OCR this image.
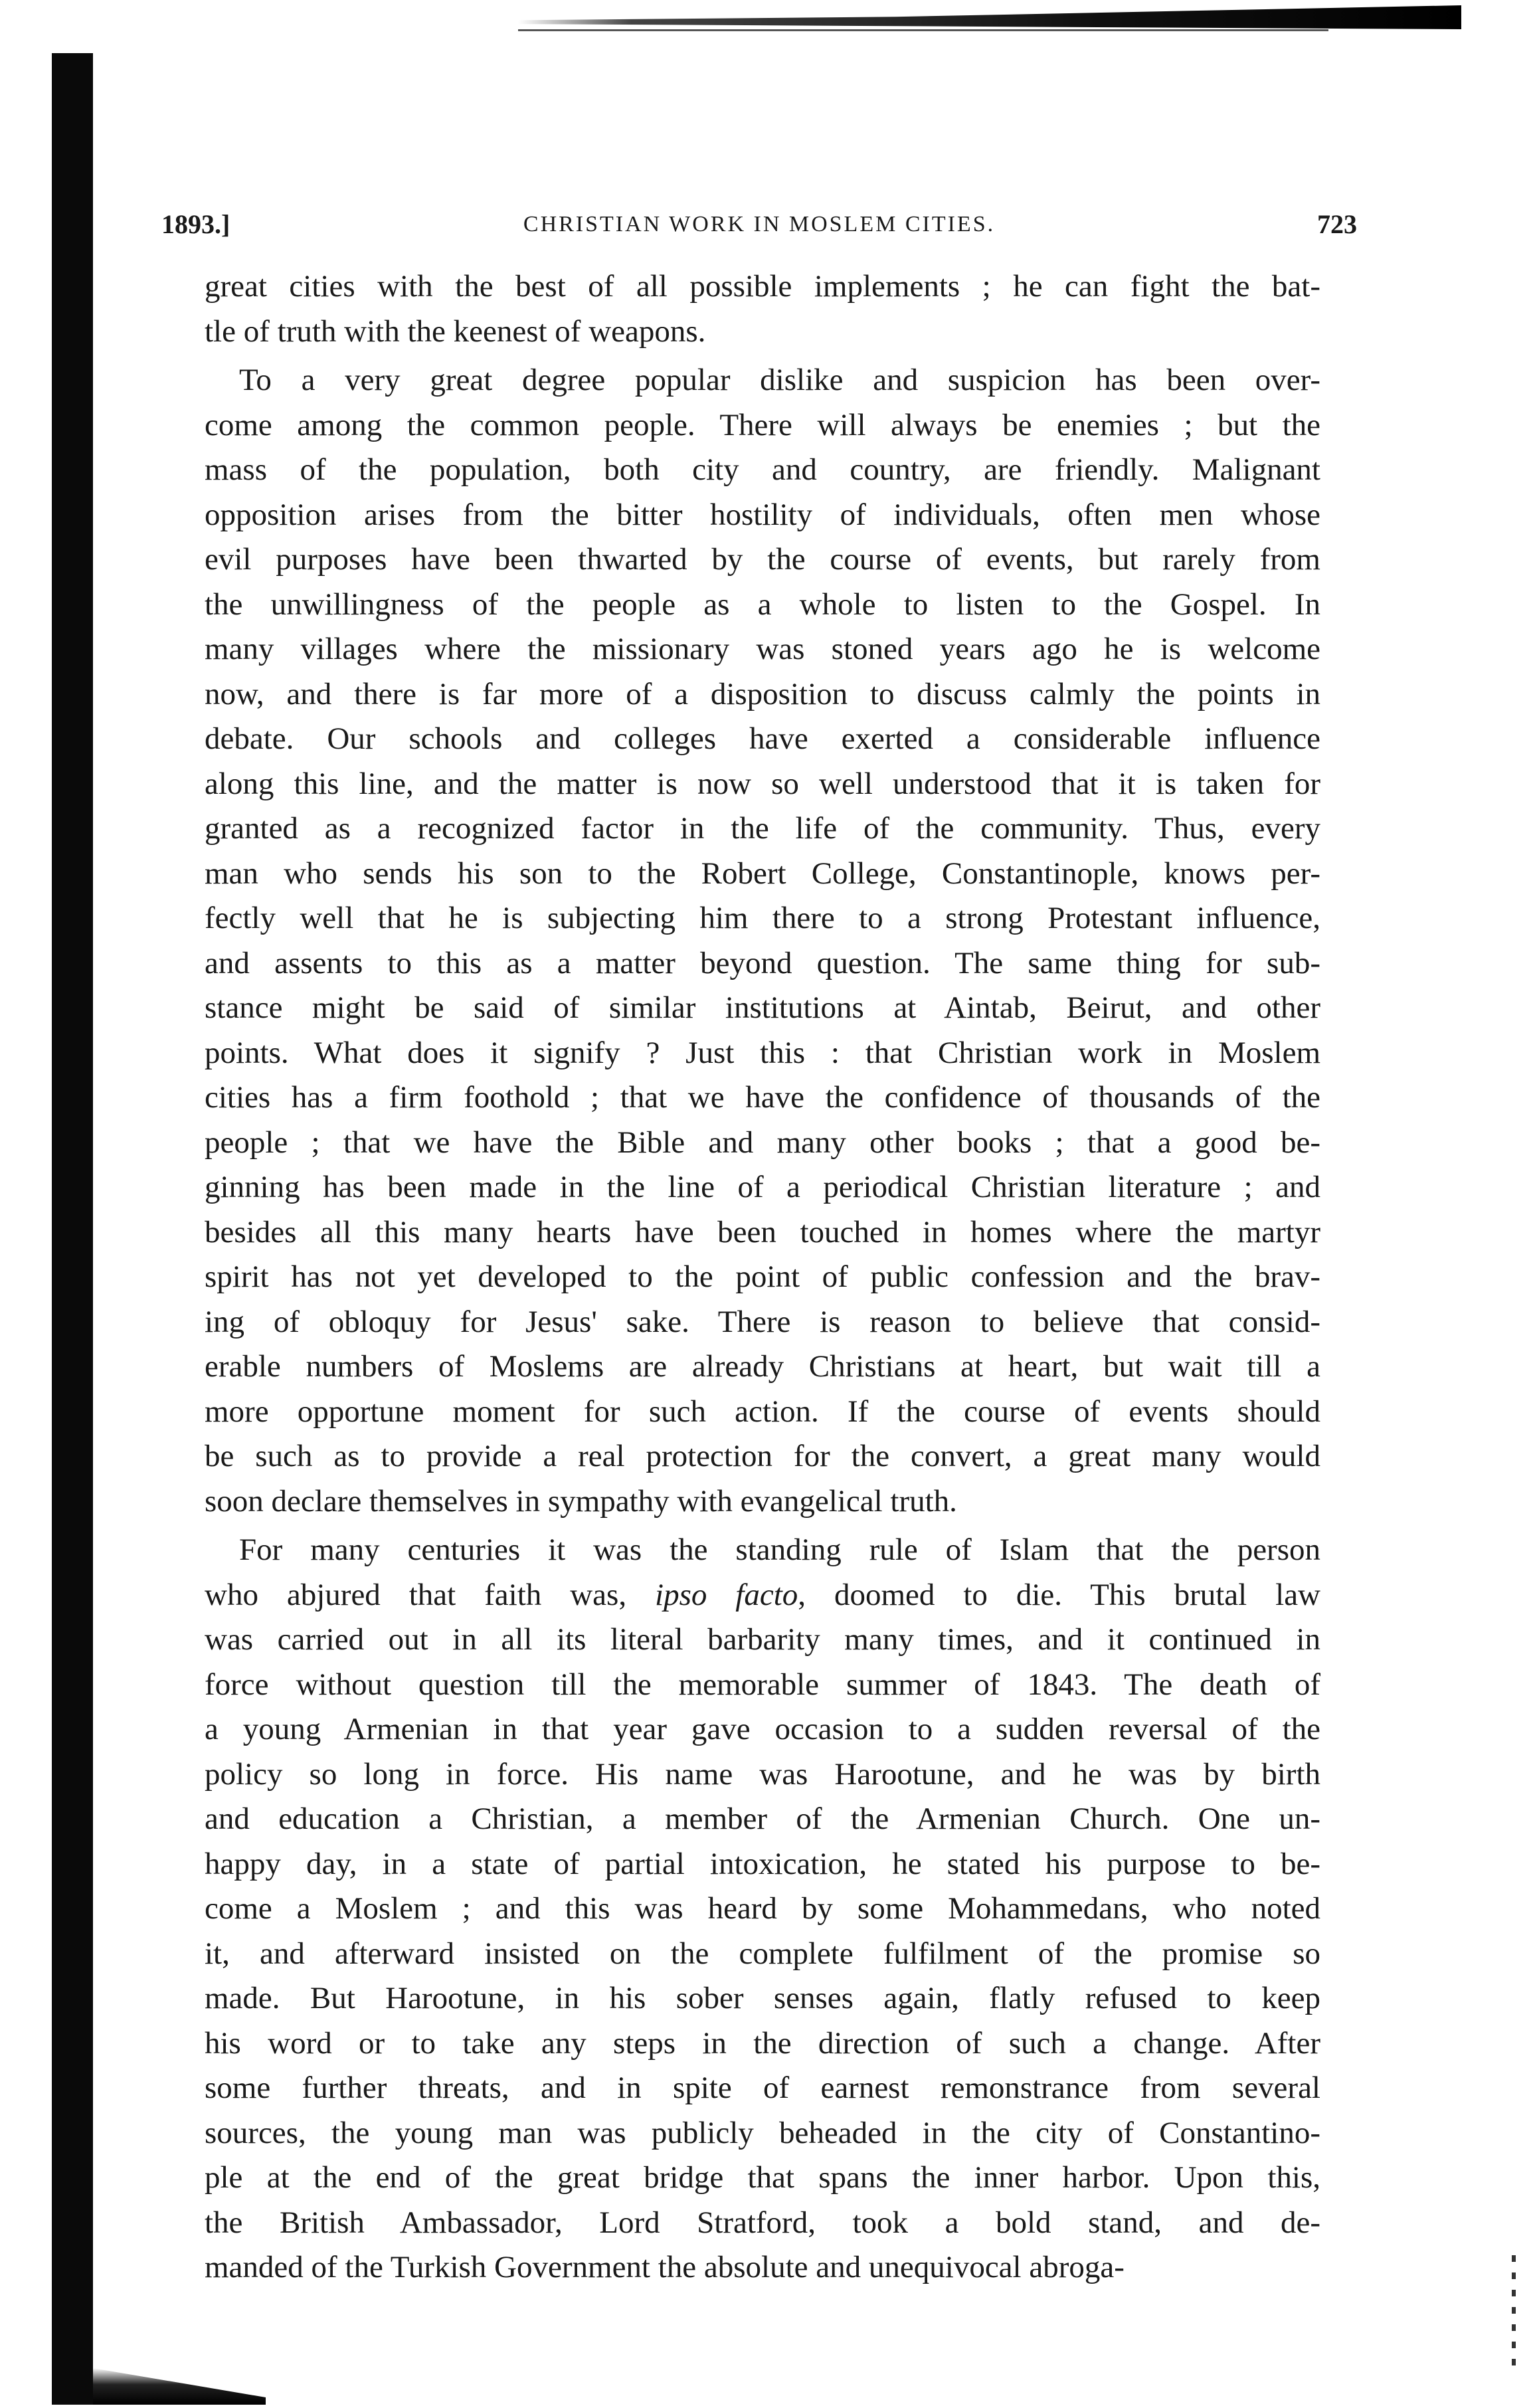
1893.]	CHRISTIAN WORK IN MOSLEM CITIES.	723
great cities with the best of all possible implements ; he can fight the bat-
tle of truth with the keenest of weapons.
To a very great degree popular dislike and suspicion has been over-
come among the common people. There will always be enemies ; but the
mass of the population, both city and country, are friendly. Malignant
opposition arises from the bitter hostility of individuals, often men whose
evil purposes have been thwarted by the course of events, but rarely from
the unwillingness of the people as a whole to listen to the Gospel. In
many villages where the missionary was stoned years ago he is welcome
now, and there is far more of a disposition to discuss calmly the points in
debate. Our schools and colleges have exerted a considerable influence
along this line, and the matter is now so well understood that it is taken for
granted as a recognized factor in the life of the community. Thus, every
man who sends his son to the Robert College, Constantinople, knows per-
fectly well that he is subjecting him there to a strong Protestant influence,
and assents to this as a matter beyond question. The same thing for sub-
stance might be said of similar institutions at Aintab, Beirut, and other
points. What does it signify ? Just this : that Christian work in Moslem
cities has a firm foothold ; that we have the confidence of thousands of the
people ; that we have the Bible and many other books ; that a good be-
ginning has been made in the line of a periodical Christian literature ; and
besides all this many hearts have been touched in homes where the martyr
spirit has not yet developed to the point of public confession and the brav-
ing of obloquy for Jesus' sake. There is reason to believe that consid-
erable numbers of Moslems are already Christians at heart, but wait till a
more opportune moment for such action. If the course of events should
be such as to provide a real protection for the convert, a great many would
soon declare themselves in sympathy with evangelical truth.
For many centuries it was the standing rule of Islam that the person
who abjured that faith was, ipso facto, doomed to die. This brutal law
was carried out in all its literal barbarity many times, and it continued in
force without question till the memorable summer of 1843. The death of
a young Armenian in that year gave occasion to a sudden reversal of the
policy so long in force. His name was Harootune, and he was by birth
and education a Christian, a member of the Armenian Church. One un-
happy day, in a state of partial intoxication, he stated his purpose to be-
come a Moslem ; and this was heard by some Mohammedans, who noted
it, and afterward insisted on the complete fulfilment of the promise so
made. But Harootune, in his sober senses again, flatly refused to keep
his word or to take any steps in the direction of such a change. After
some further threats, and in spite of earnest remonstrance from several
sources, the young man was publicly beheaded in the city of Constantino-
ple at the end of the great bridge that spans the inner harbor. Upon this,
the British Ambassador, Lord Stratford, took a bold stand, and de-
manded of the Turkish Government the absolute and unequivocal abroga-
